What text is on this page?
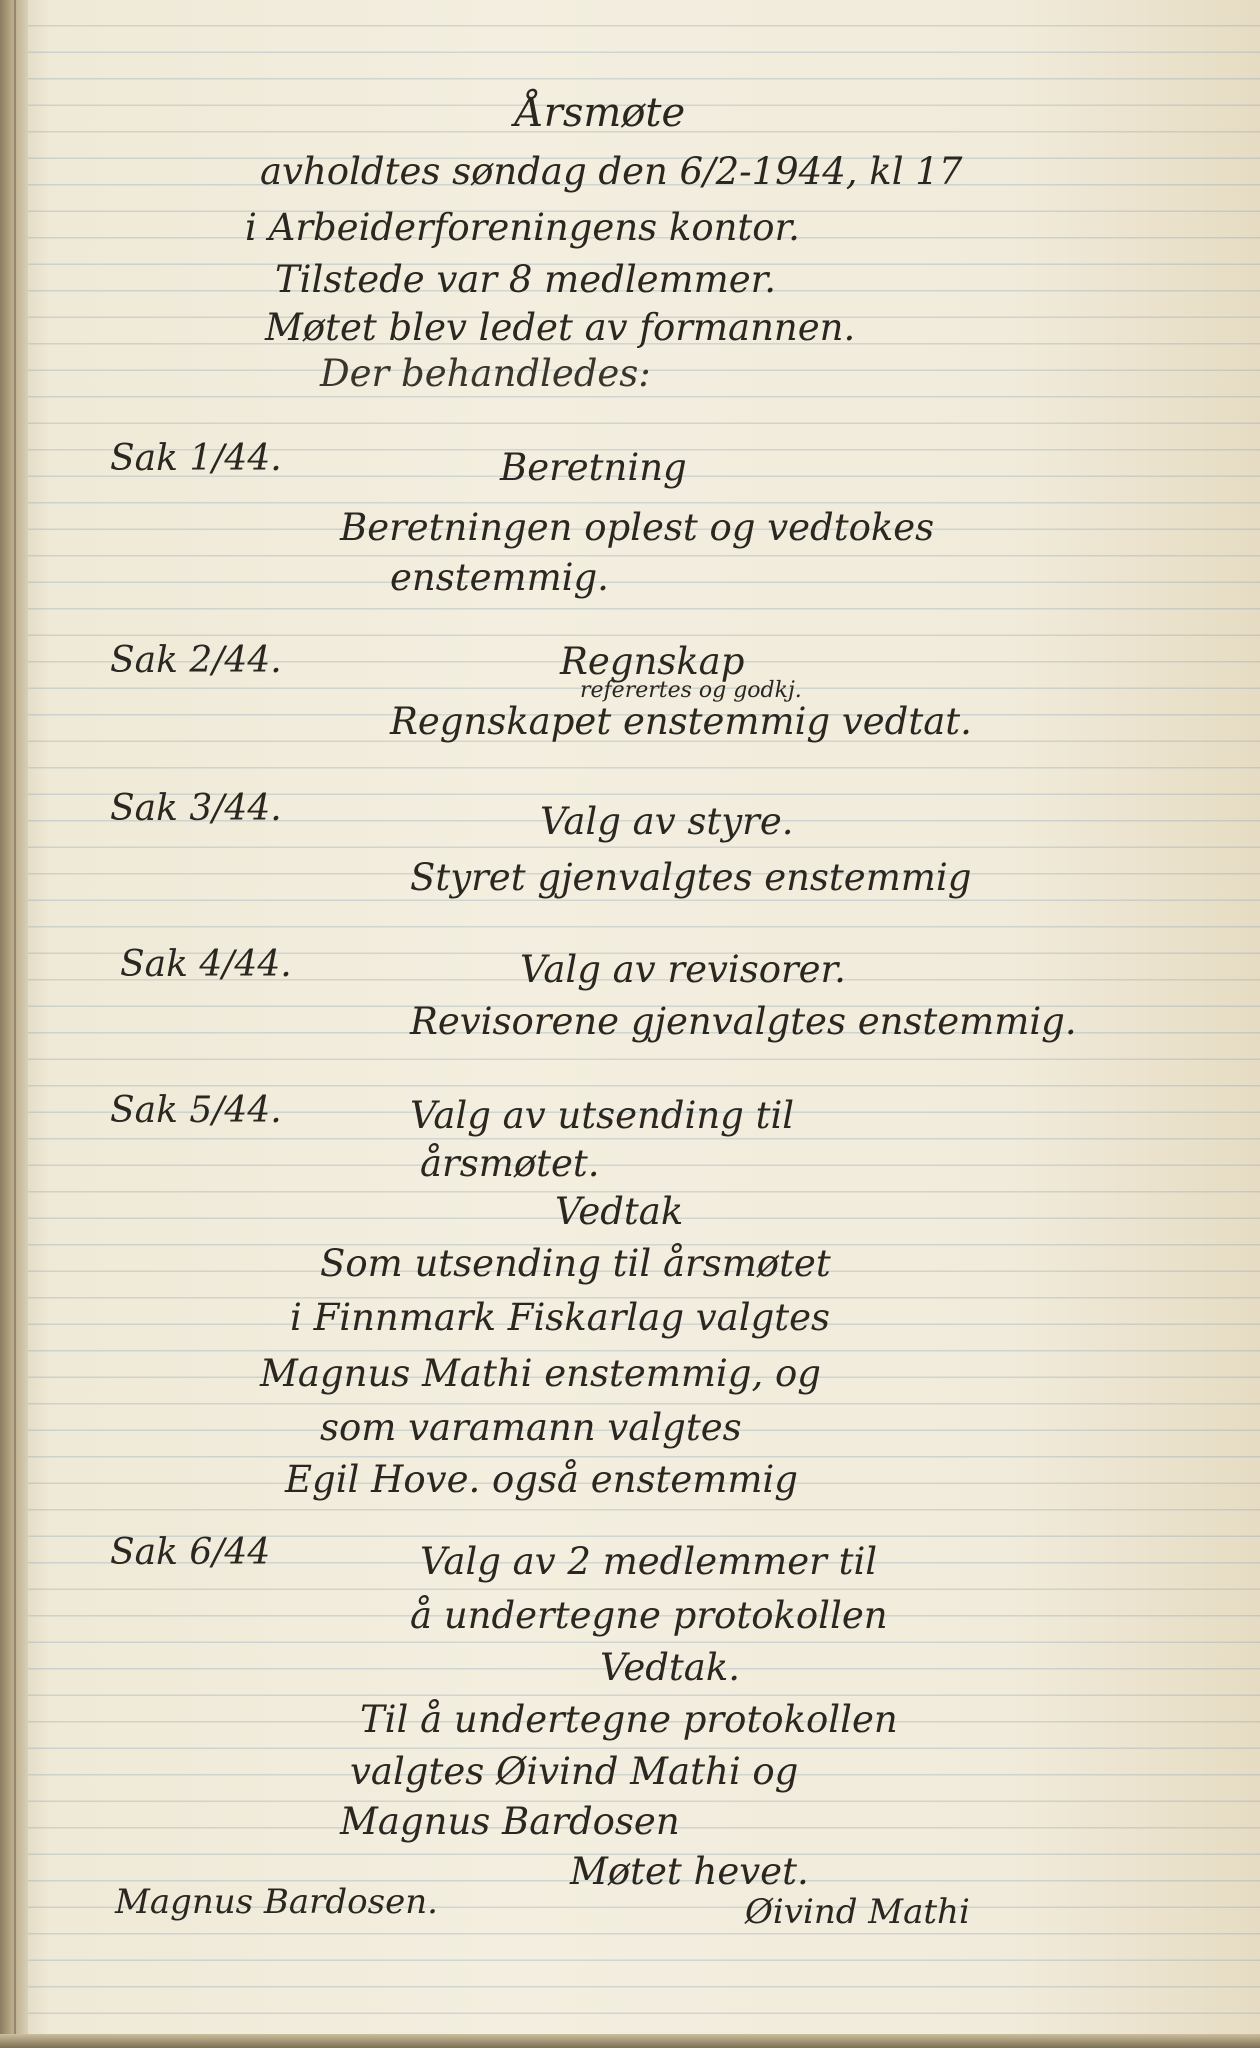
Årsmøte
avholdtes søndag den 6/2-1944, kl 17
i Arbeiderforeningens kontor.
Tilstede var 8 medlemmer.
Møtet blev ledet av formannen.
Der behandledes:
Sak 1/44.	Beretning
Beretningen oplest og vedtokes
enstemmig.
Sak 2/44.	Regnskap
referertes og godkj.
Regnskapet enstemmig vedtat.
Sak 3/44.	Valg av styre.
Styret gjenvalgtes enstemmig
Sak 4/44.	Valg av revisorer.
Revisorene gjenvalgtes enstemmig.
Sak 5/44.	Valg av utsending til
årsmøtet.
Vedtak
Som utsending til årsmøtet
i Finnmark Fiskarlag valgtes
Magnus Mathi enstemmig, og
som varamann valgtes
Egil Hove. også enstemmig
Sak 6/44	Valg av 2 medlemmer til
å undertegne protokollen
Vedtak.
Til å undertegne protokollen
valgtes Øivind Mathi og
Magnus Bardosen
Møtet hevet.
Magnus Bardosen.	Øivind Mathi
